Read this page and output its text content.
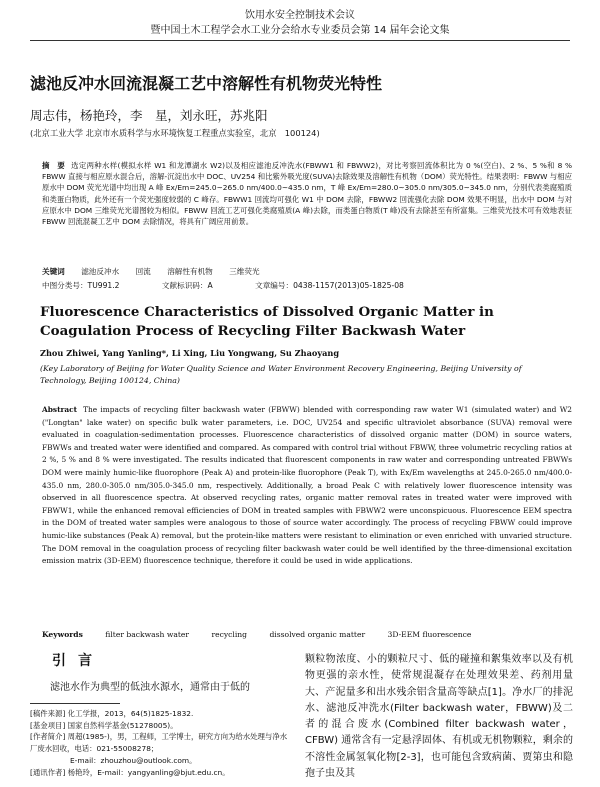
饮用水安全控制技术会议
暨中国土木工程学会水工业分会给水专业委员会第 14 届年会论文集
滤池反冲水回流混凝工艺中溶解性有机物荧光特性
周志伟，杨艳玲，李　星，刘永旺，苏兆阳
(北京工业大学 北京市水质科学与水环境恢复工程重点实验室，北京　100124)
摘　要 选定两种水样(模拟水样 W1 和龙潭湖水 W2)以及相应滤池反冲洗水(FBWW1 和 FBWW2)，对比考察回流体积比为 0 %(空白)、2 %、5 %和 8 % FBWW 直接与相应原水混合后，溶解-沉淀出水中 DOC、UV254 和比紫外吸光度(SUVA)去除效果及溶解性有机物（DOM）荧光特性。结果表明：FBWW 与相应原水中 DOM 荧光光谱中均出现 A 峰 Ex/Em=245.0~265.0 nm/400.0~435.0 nm，T 峰 Ex/Em=280.0~305.0 nm/305.0~345.0 nm，分别代表类腐殖质和类蛋白物质，此外还有一个荧光强度较弱的 C 峰存。FBWW1 回流均可强化 W1 中 DOM 去除，FBWW2 回流强化去除 DOM 效果不明显，出水中 DOM 与对应原水中 DOM 三维荧光光谱图较为相似。FBWW 回流工艺可强化类腐殖质(A 峰)去除，而类蛋白物质(T 峰)没有去除甚至有所富集。三维荧光技术可有效地表征 FBWW 回流混凝工艺中 DOM 去除情况，将具有广阔应用前景。
关键词 滤池反冲水 回流 溶解性有机物 三维荧光
中图分类号：TU991.2	文献标识码：A	文章编号：0438-1157(2013)05-1825-08
Fluorescence Characteristics of Dissolved Organic Matter in Coagulation Process of Recycling Filter Backwash Water
Zhou Zhiwei, Yang Yanling*, Li Xing, Liu Yongwang, Su Zhaoyang
(Key Laboratory of Beijing for Water Quality Science and Water Environment Recovery Engineering, Beijing University of Technology, Beijing 100124, China)
Abstract The impacts of recycling filter backwash water (FBWW) blended with corresponding raw water W1 (simulated water) and W2 ("Longtan" lake water) on specific bulk water parameters, i.e. DOC, UV254 and specific ultraviolet absorbance (SUVA) removal were evaluated in coagulation-sedimentation processes. Fluorescence characteristics of dissolved organic matter (DOM) in source waters, FBWWs and treated water were identified and compared. As compared with control trial without FBWW, three volumetric recycling ratios at 2 %, 5 % and 8 % were investigated. The results indicated that fluorescent components in raw water and corresponding untreated FBWWs DOM were mainly humic-like fluorophore (Peak A) and protein-like fluorophore (Peak T), with Ex/Em wavelengths at 245.0-265.0 nm/400.0-435.0 nm, 280.0-305.0 nm/305.0-345.0 nm, respectively. Additionally, a broad Peak C with relatively lower fluorescence intensity was observed in all fluorescence spectra. At observed recycling rates, organic matter removal rates in treated water were improved with FBWW1, while the enhanced removal efficiencies of DOM in treated samples with FBWW2 were unconspicuous. Fluorescence EEM spectra in the DOM of treated water samples were analogous to those of source water accordingly. The process of recycling FBWW could improve humic-like substances (Peak A) removal, but the protein-like matters were resistant to elimination or even enriched with unvaried structure. The DOM removal in the coagulation process of recycling filter backwash water could be well identified by the three-dimensional excitation emission matrix (3D-EEM) fluorescence technique, therefore it could be used in wide applications.
Keywords	filter backwash water	recycling	dissolved organic matter	3D-EEM fluorescence
引言
滤池水作为典型的低浊水源水，通常由于低的
[稿件来源] 化工学报，2013，64(5)1825-1832.
[基金项目] 国家自然科学基金(51278005)。
[作者简介] 周超(1985-)，男，工程师，工学博士，研究方向为给水处理与净水厂废水回收，电话：021-55008278；
E-mail：zhouzhou@outlook.com。
[通讯作者] 杨艳玲，E-mail：yangyanling@bjut.edu.cn。
颗粒物浓度、小的颗粒尺寸、低的碰撞和絮集效率以及有机物更强的亲水性，使常规混凝存在处理效果差、药剂用量大、产泥量多和出水残余铝含量高等缺点[1]。净水厂的排泥水、滤池反冲洗水(Filter backwash water，FBWW)及二者的混合废水(Combined filter backwash water，CFBW) 通常含有一定悬浮固体、有机或无机物颗粒，剩余的不溶性金属氢氧化物[2-3]，也可能包含致病菌、贾第虫和隐孢子虫及其
